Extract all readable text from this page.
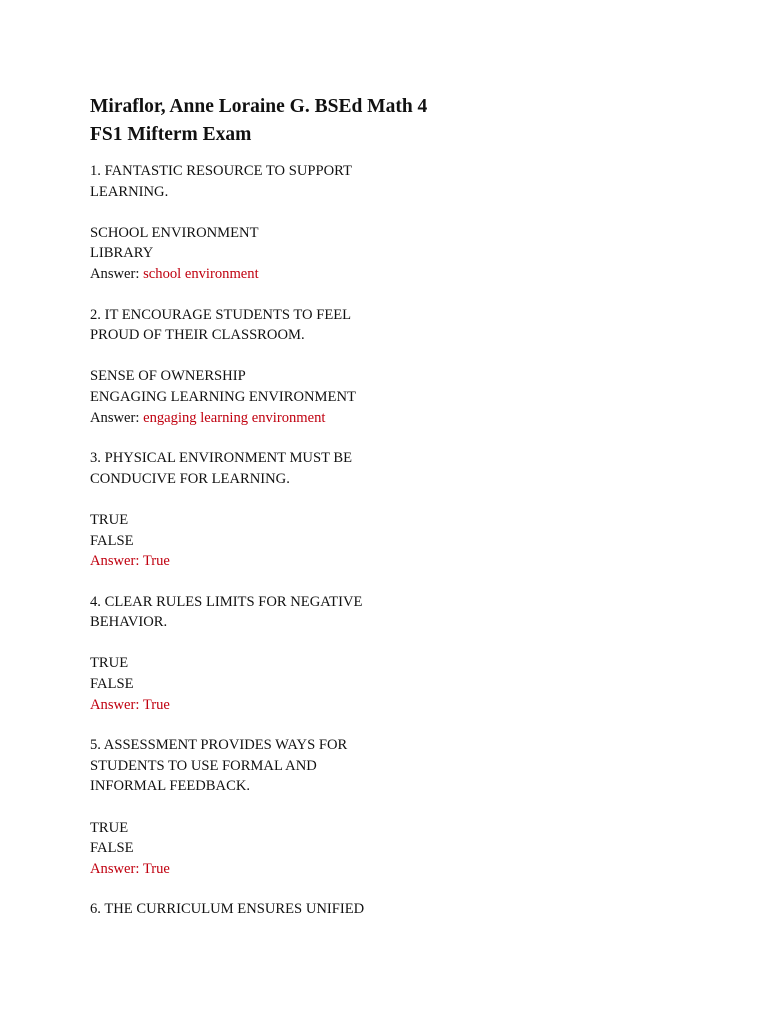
Miraflor, Anne Loraine G. BSEd Math 4

FS1 Mifterm Exam

1. FANTASTIC RESOURCE TO SUPPORT

LEARNING.

SCHOOL ENVIRONMENT

LIBRARY

Answer: school environment

2. IT ENCOURAGE STUDENTS TO FEEL

PROUD OF THEIR CLASSROOM.

SENSE OF OWNERSHIP

ENGAGING LEARNING ENVIRONMENT

Answer: engaging learning environment

3. PHYSICAL ENVIRONMENT MUST BE

CONDUCIVE FOR LEARNING.

TRUE

FALSE

Answer: True

4. CLEAR RULES LIMITS FOR NEGATIVE

BEHAVIOR.

TRUE

FALSE

Answer: True

5. ASSESSMENT PROVIDES WAYS FOR

STUDENTS TO USE FORMAL AND

INFORMAL FEEDBACK.

TRUE

FALSE

Answer: True

6. THE CURRICULUM ENSURES UNIFIED
